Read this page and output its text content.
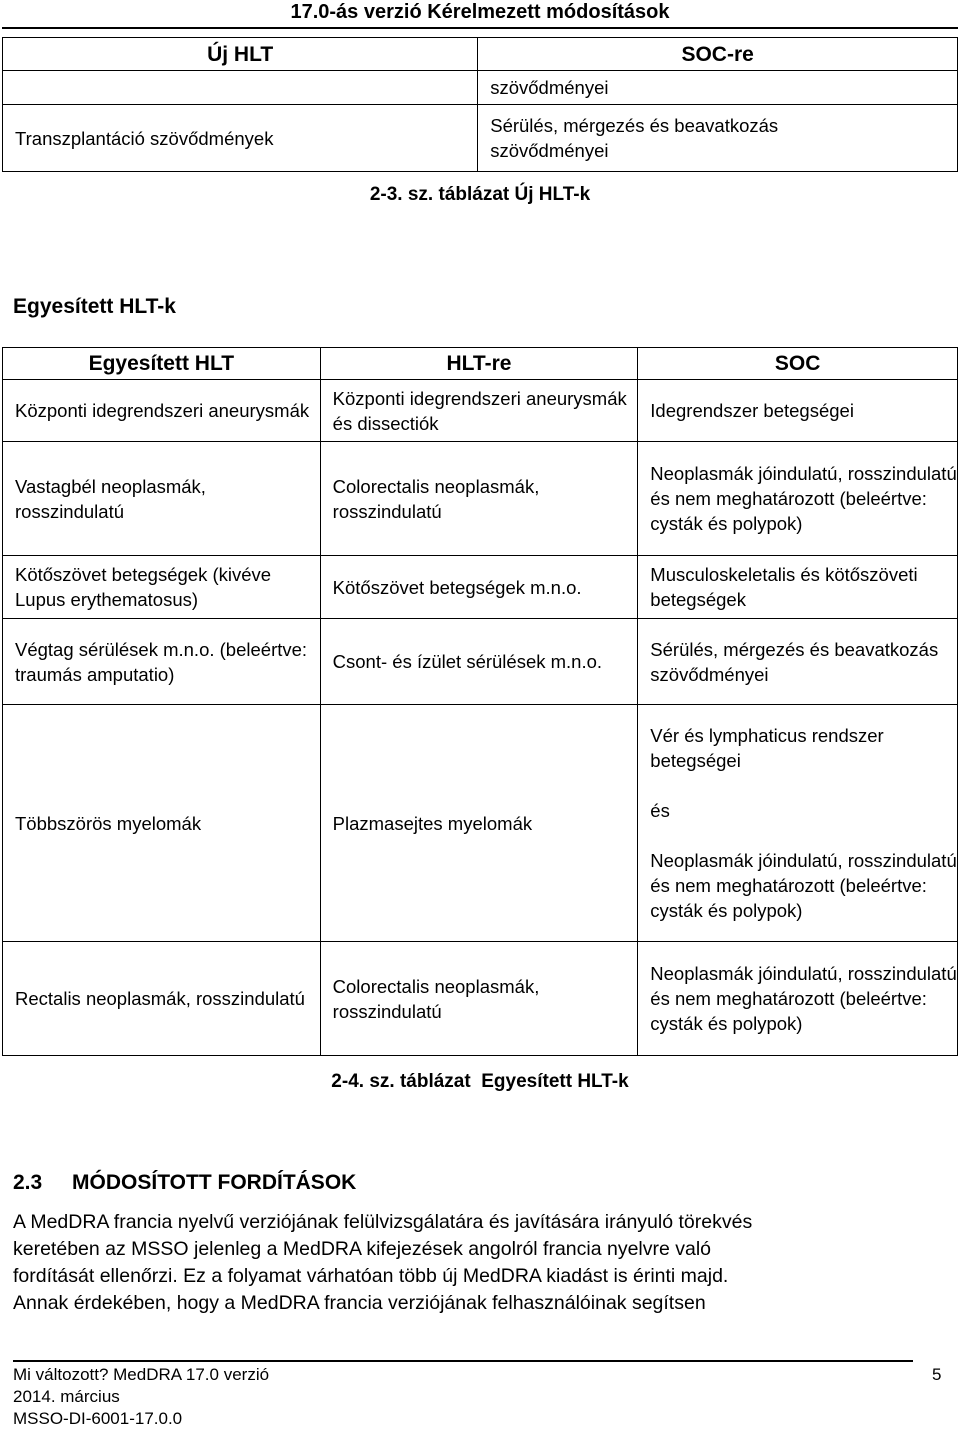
17.0-ás verzió Kérelmezett módosítások
Új HLT	SOC-re
	szövődményei
Transzplantáció szövődmények	Sérülés, mérgezés és beavatkozás szövődményei
2-3. sz. táblázat Új HLT-k
Egyesített HLT-k
Egyesített HLT	HLT-re	SOC
Központi idegrendszeri aneurysmák	Központi idegrendszeri aneurysmák és dissectiók	Idegrendszer betegségei
Vastagbél neoplasmák, rosszindulatú	Colorectalis neoplasmák, rosszindulatú	Neoplasmák jóindulatú, rosszindulatú és nem meghatározott (beleértve: cysták és polypok)
Kötőszövet betegségek (kivéve Lupus erythematosus)	Kötőszövet betegségek m.n.o.	Musculoskeletalis és kötőszöveti betegségek
Végtag sérülések m.n.o. (beleértve: traumás amputatio)	Csont- és ízület sérülések m.n.o.	Sérülés, mérgezés és beavatkozás szövődményei
Többszörös myelomák	Plazmasejtes myelomák	Vér és lymphaticus rendszer betegségei
és
Neoplasmák jóindulatú, rosszindulatú és nem meghatározott (beleértve: cysták és polypok)

Rectalis neoplasmák, rosszindulatú	Colorectalis neoplasmák, rosszindulatú	Neoplasmák jóindulatú, rosszindulatú és nem meghatározott (beleértve: cysták és polypok)
2-4. sz. táblázat  Egyesített HLT-k
2.3 MÓDOSÍTOTT FORDÍTÁSOK
A MedDRA francia nyelvű verziójának felülvizsgálatára és javítására irányuló törekvés
keretében az MSSO jelenleg a MedDRA kifejezések angolról francia nyelvre való
fordítását ellenőrzi. Ez a folyamat várhatóan több új MedDRA kiadást is érinti majd.
Annak érdekében, hogy a MedDRA francia verziójának felhasználóinak segítsen
Mi változott? MedDRA 17.0 verzió
2014. március
MSSO-DI-6001-17.0.0
5
